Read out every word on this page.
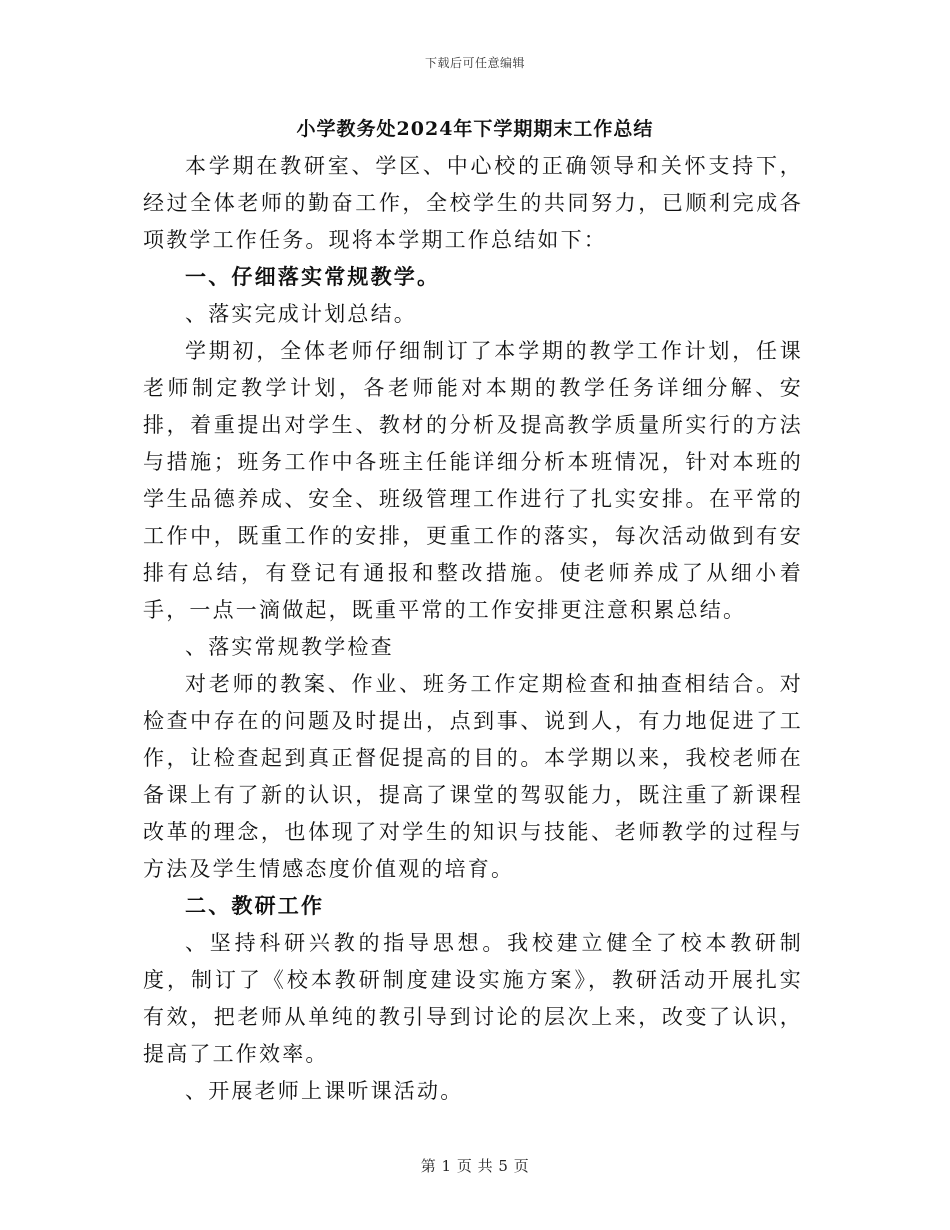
下载后可任意编辑
小学教务处2024年下学期期末工作总结

本学期在教研室、学区、中心校的正确领导和关怀支持下，经过全体老师的勤奋工作，全校学生的共同努力，已顺利完成各项教学工作任务。现将本学期工作总结如下：

一、仔细落实常规教学。

、落实完成计划总结。

学期初，全体老师仔细制订了本学期的教学工作计划，任课老师制定教学计划，各老师能对本期的教学任务详细分解、安排，着重提出对学生、教材的分析及提高教学质量所实行的方法与措施；班务工作中各班主任能详细分析本班情况，针对本班的学生品德养成、安全、班级管理工作进行了扎实安排。在平常的工作中，既重工作的安排，更重工作的落实，每次活动做到有安排有总结，有登记有通报和整改措施。使老师养成了从细小着手，一点一滴做起，既重平常的工作安排更注意积累总结。

、落实常规教学检查

对老师的教案、作业、班务工作定期检查和抽查相结合。对检查中存在的问题及时提出，点到事、说到人，有力地促进了工作，让检查起到真正督促提高的目的。本学期以来，我校老师在备课上有了新的认识，提高了课堂的驾驭能力，既注重了新课程改革的理念，也体现了对学生的知识与技能、老师教学的过程与方法及学生情感态度价值观的培育。

二、教研工作

、坚持科研兴教的指导思想。我校建立健全了校本教研制度，制订了《校本教研制度建设实施方案》，教研活动开展扎实有效，把老师从单纯的教引导到讨论的层次上来，改变了认识，提高了工作效率。

、开展老师上课听课活动。

第 1 页 共 5 页
